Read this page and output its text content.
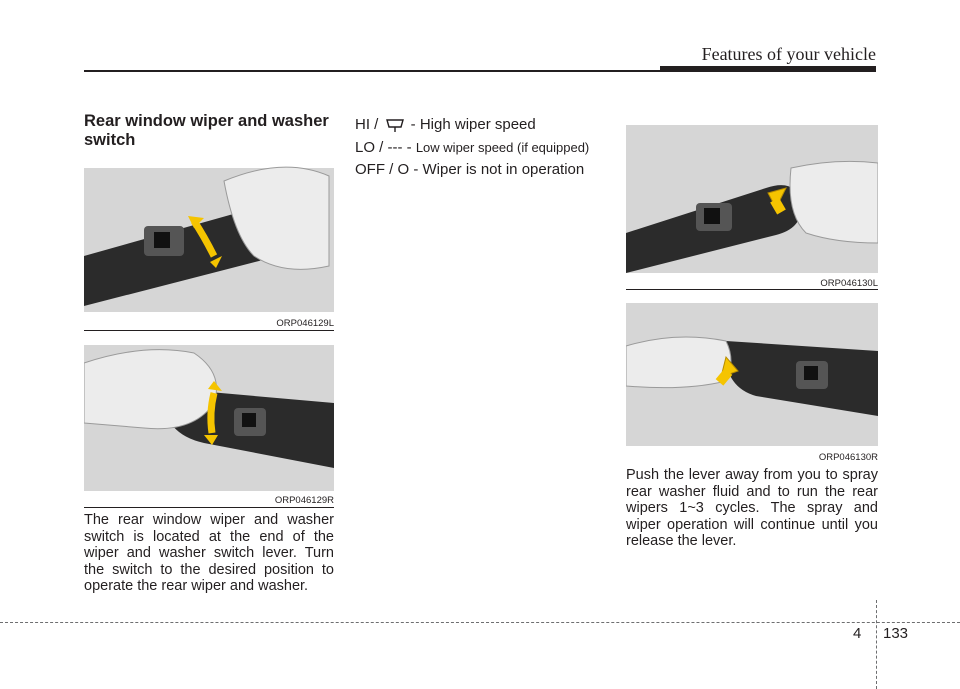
Features of your vehicle
Rear window wiper and washer switch
ORP046129L
ORP046129R
The rear window wiper and washer switch is located at the end of the wiper and washer switch lever. Turn the switch to the desired position to operate the rear wiper and washer.
HI /  - High wiper speed
LO / --- - Low wiper speed (if equipped)
OFF / O - Wiper is not in operation
ORP046130L
ORP046130R
Push the lever away from you to spray rear washer fluid and to run the rear wipers 1~3 cycles. The spray and wiper operation will continue until you release the lever.
4 133
